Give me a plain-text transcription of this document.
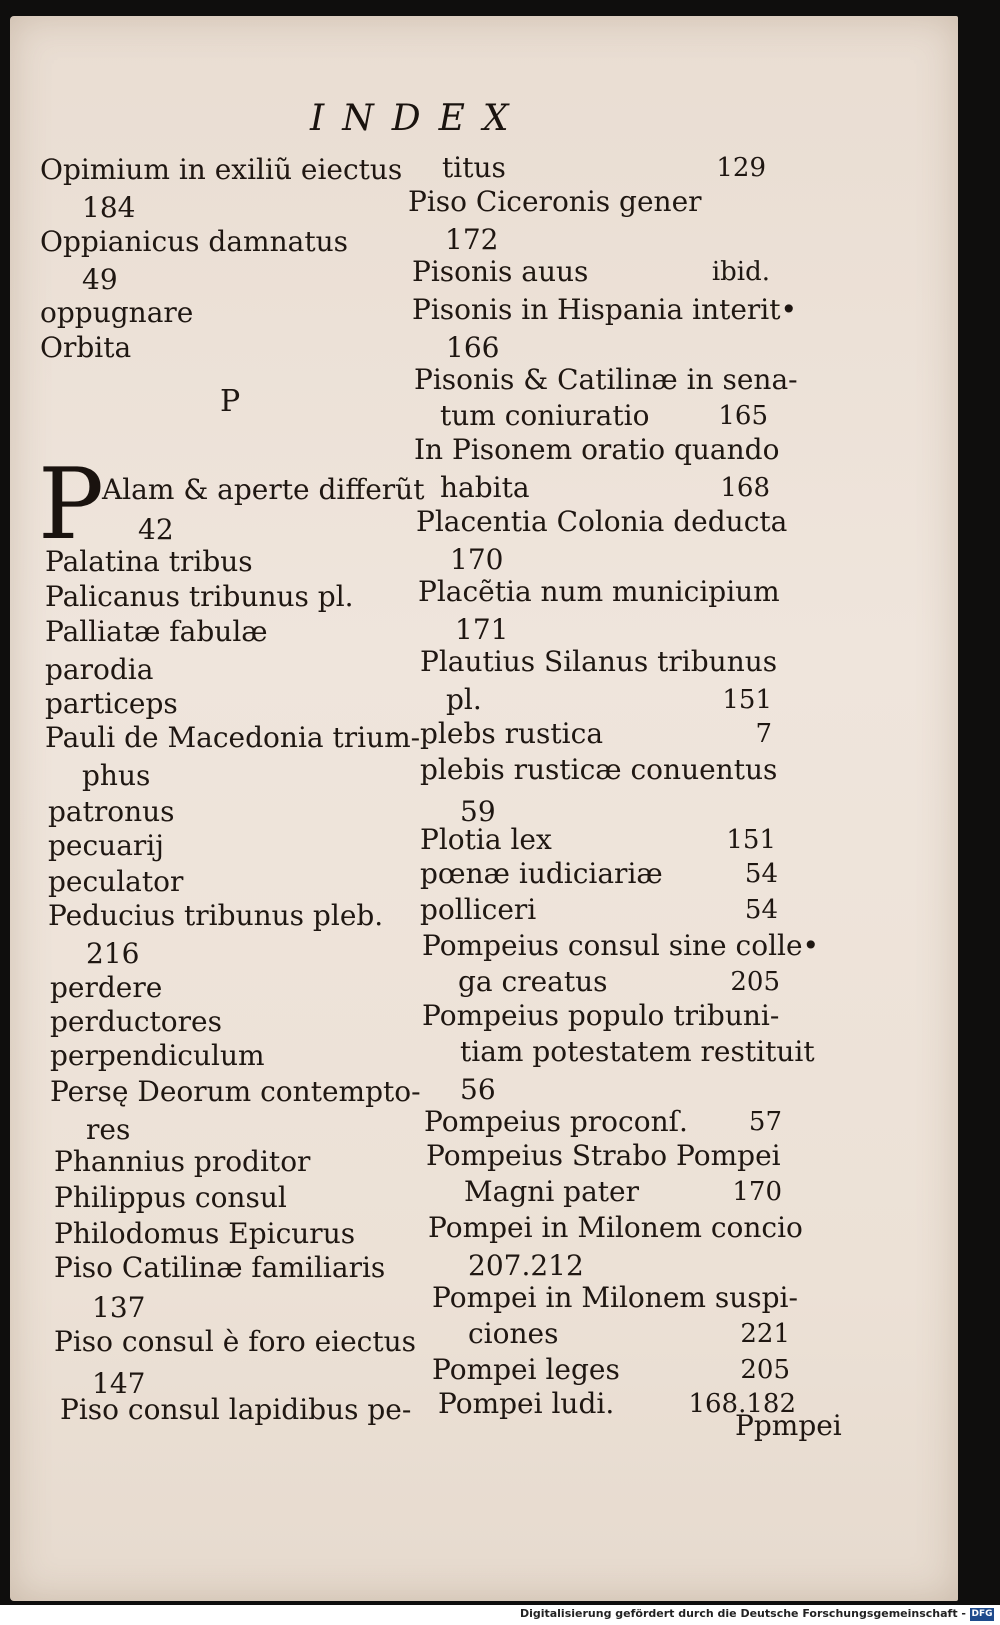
INDEX
P
P
Opimium in exiliũ eiectus
184
Oppianicus damnatus
49
oppugnare
Orbita
Alam & aperte differũt
42
Palatina tribus
Palicanus tribunus pl.
Palliatæ fabulæ
parodia
particeps
Pauli de Macedonia trium-
phus
patronus
pecuarij
peculator
Peducius tribunus pleb.
216
perdere
perductores
perpendiculum
Persę Deorum contempto-
res
Phannius proditor
Philippus consul
Philodomus Epicurus
Piso Catilinæ familiaris
137
Piso consul è foro eiectus
147
Piso consul lapidibus pe-
titus	129
Piso Ciceronis gener
172
Pisonis auus	ibid.
Pisonis in Hispania interit•
166
Pisonis & Catilinæ in sena-
tum coniuratio	165
In Pisonem oratio quando
habita	168
Placentia Colonia deducta
170
Placẽtia num municipium
171
Plautius Silanus tribunus
pl.	151
plebs rustica	7
plebis rusticæ conuentus
59
Plotia lex	151
pœnæ iudiciariæ	54
polliceri	54
Pompeius consul sine colle•
ga creatus	205
Pompeius populo tribuni-
tiam potestatem restituit
56
Pompeius proconſ. 57
Pompeius Strabo Pompei
Magni pater	170
Pompei in Milonem concio
207.212
Pompei in Milonem suspi-
ciones	221
Pompei leges	205
Pompei ludi.	168.182
Ppmpei
Digitalisierung gefördert durch die Deutsche Forschungsgemeinschaft - DFG
